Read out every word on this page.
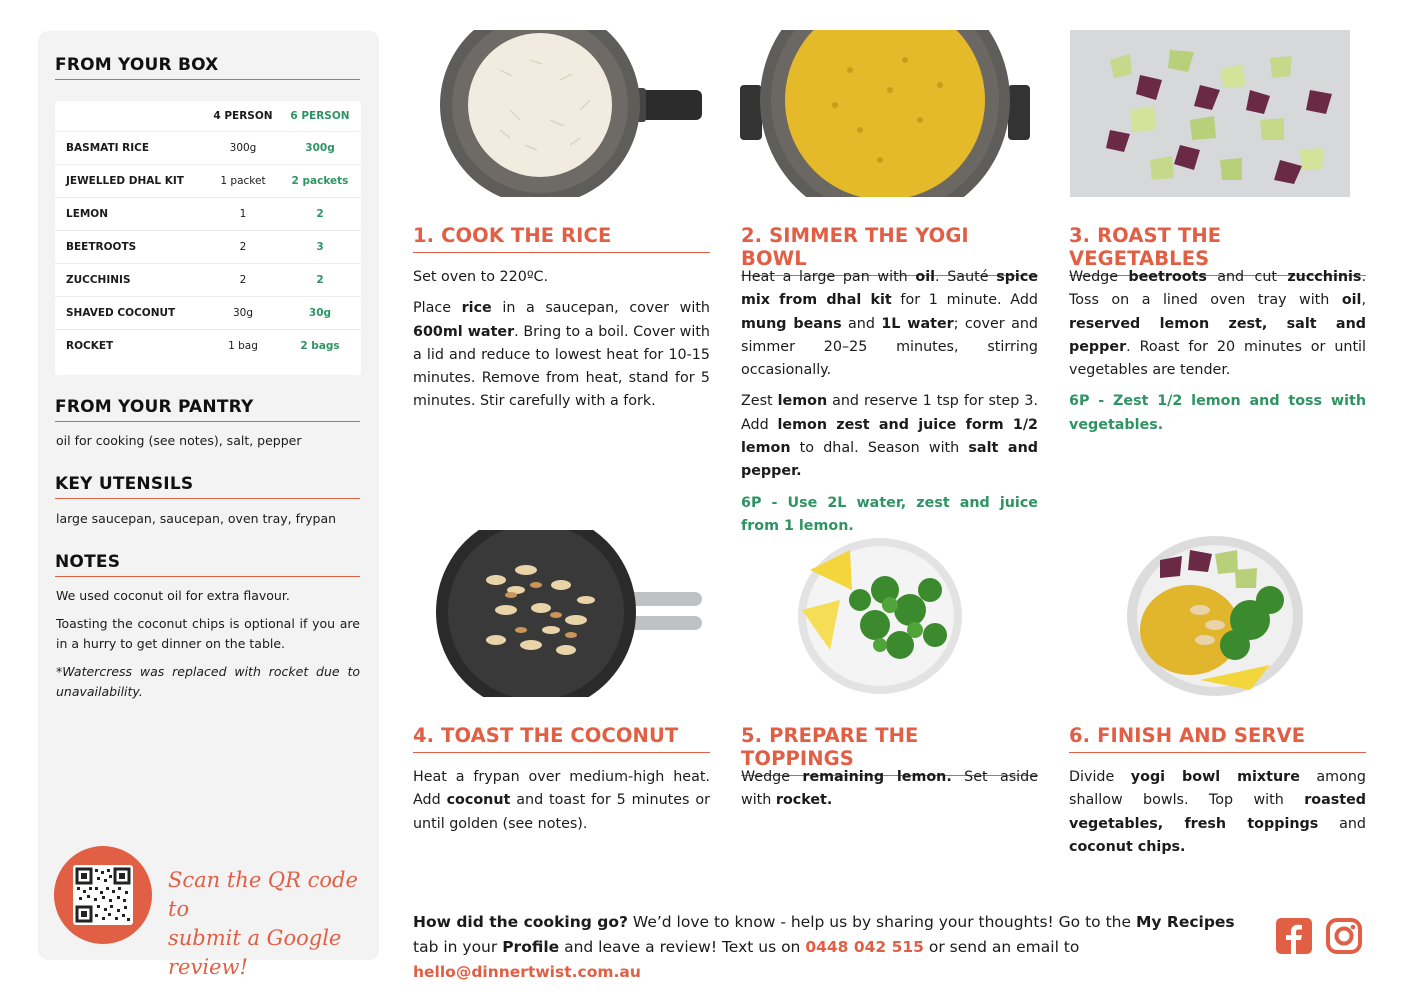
FROM YOUR BOX
	4 PERSON	6 PERSON
BASMATI RICE	300g	300g
JEWELLED DHAL KIT	1 packet	2 packets
LEMON	1	2
BEETROOTS	2	3
ZUCCHINIS	2	2
SHAVED COCONUT	30g	30g
ROCKET	1 bag	2 bags
FROM YOUR PANTRY
oil for cooking (see notes), salt, pepper
KEY UTENSILS
large saucepan, saucepan, oven tray, frypan
NOTES

We used coconut oil for extra flavour.

Toasting the coconut chips is optional if you are in a hurry to get dinner on the table.

*Watercress was replaced with rocket due to unavailability.

Scan the QR code to
submit a Google review!
1. COOK THE RICE	2. SIMMER THE YOGI BOWL
3. ROAST THE VEGETABLES
4. TOAST THE COCONUT	5. PREPARE THE TOPPINGS
6. FINISH AND SERVE

Set oven to 220ºC.

Place rice in a saucepan, cover with 600ml water. Bring to a boil. Cover with a lid and reduce to lowest heat for 10-15 minutes. Remove from heat, stand for 5 minutes. Stir carefully with a fork.

Heat a large pan with oil. Sauté spice mix from dhal kit for 1 minute. Add mung beans and 1L water; cover and simmer 20–25 minutes, stirring occasionally.

Zest lemon and reserve 1 tsp for step 3. Add lemon zest and juice form 1/2 lemon to dhal. Season with salt and pepper.

6P - Use 2L water, zest and juice from 1 lemon.

Wedge beetroots and cut zucchinis. Toss on a lined oven tray with oil, reserved lemon zest, salt and pepper. Roast for 20 minutes or until vegetables are tender.

6P - Zest 1/2 lemon and toss with vegetables.

Heat a frypan over medium-high heat. Add coconut and toast for 5 minutes or until golden (see notes).

Wedge remaining lemon. Set aside with rocket.

Divide yogi bowl mixture among shallow bowls. Top with roasted vegetables, fresh toppings and coconut chips.

How did the cooking go? We’d love to know - help us by sharing your thoughts! Go to the My Recipes tab in your Profile and leave a review! Text us on 0448 042 515 or send an email to hello@dinnertwist.com.au
